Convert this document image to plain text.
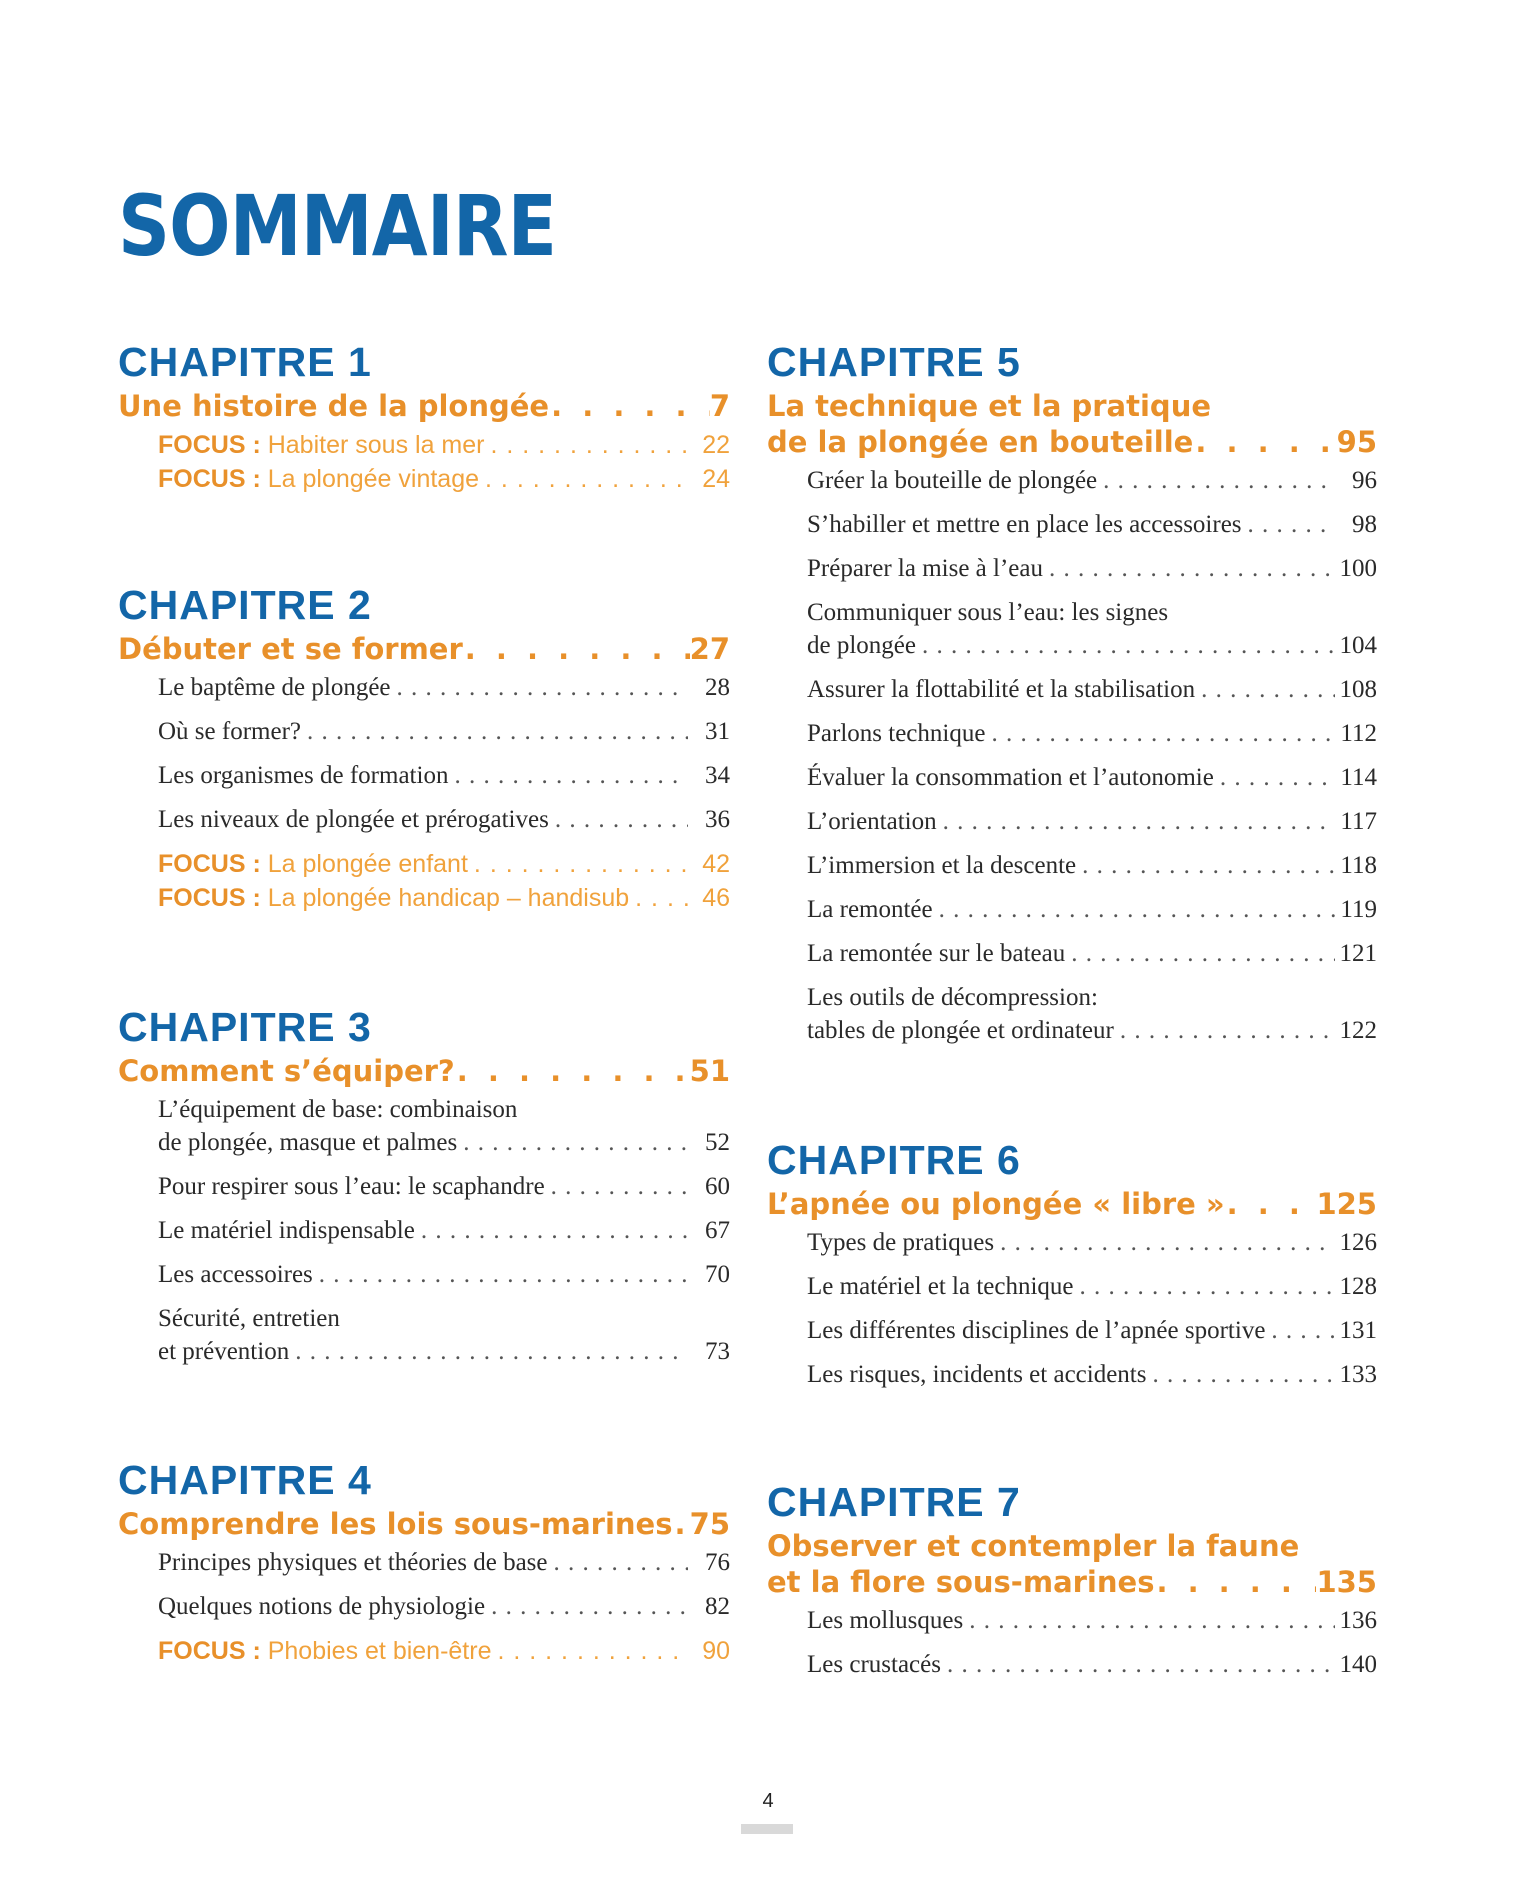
SOMMAIRE
CHAPITRE 1
Une histoire de la plongée . . .	7
FOCUS : Habiter sous la mer . . .	22
FOCUS : La plongée vintage . . .	24
CHAPITRE 2
Débuter et se former . . .	27
Le baptême de plongée . . .	28
Où se former? . . .	31
Les organismes de formation . . .	34
Les niveaux de plongée et prérogatives . . .	36
FOCUS : La plongée enfant . . .	42
FOCUS : La plongée handicap – handisub . . .	46
CHAPITRE 3
Comment s’équiper? . . .	51
L’équipement de base: combinaison
de plongée, masque et palmes . . .	52
Pour respirer sous l’eau: le scaphandre . . .	60
Le matériel indispensable . . .	67
Les accessoires . . .	70
Sécurité, entretien
et prévention . . .	73
CHAPITRE 4
Comprendre les lois sous-marines . . . 75
Principes physiques et théories de base . . .	76
Quelques notions de physiologie . . .	82
FOCUS : Phobies et bien-être . . .	90
CHAPITRE 5
La technique et la pratique
de la plongée en bouteille . . .	95
Gréer la bouteille de plongée . . .	96
S’habiller et mettre en place les accessoires . . .	98
Préparer la mise à l’eau . . .	100
Communiquer sous l’eau: les signes
de plongée . . .	104
Assurer la flottabilité et la stabilisation . . .	108
Parlons technique . . .	112
Évaluer la consommation et l’autonomie . . .	114
L’orientation . . .	117
L’immersion et la descente . . .	118
La remontée . . .	119
La remontée sur le bateau . . .	121
Les outils de décompression:
tables de plongée et ordinateur . . .	122
CHAPITRE 6
L’apnée ou plongée « libre » . . .	125
Types de pratiques . . .	126
Le matériel et la technique . . .	128
Les différentes disciplines de l’apnée sportive . . .	131
Les risques, incidents et accidents . . .	133
CHAPITRE 7
Observer et contempler la faune
et la flore sous-marines . . .	135
Les mollusques . . .	136
Les crustacés . . .	140
4
